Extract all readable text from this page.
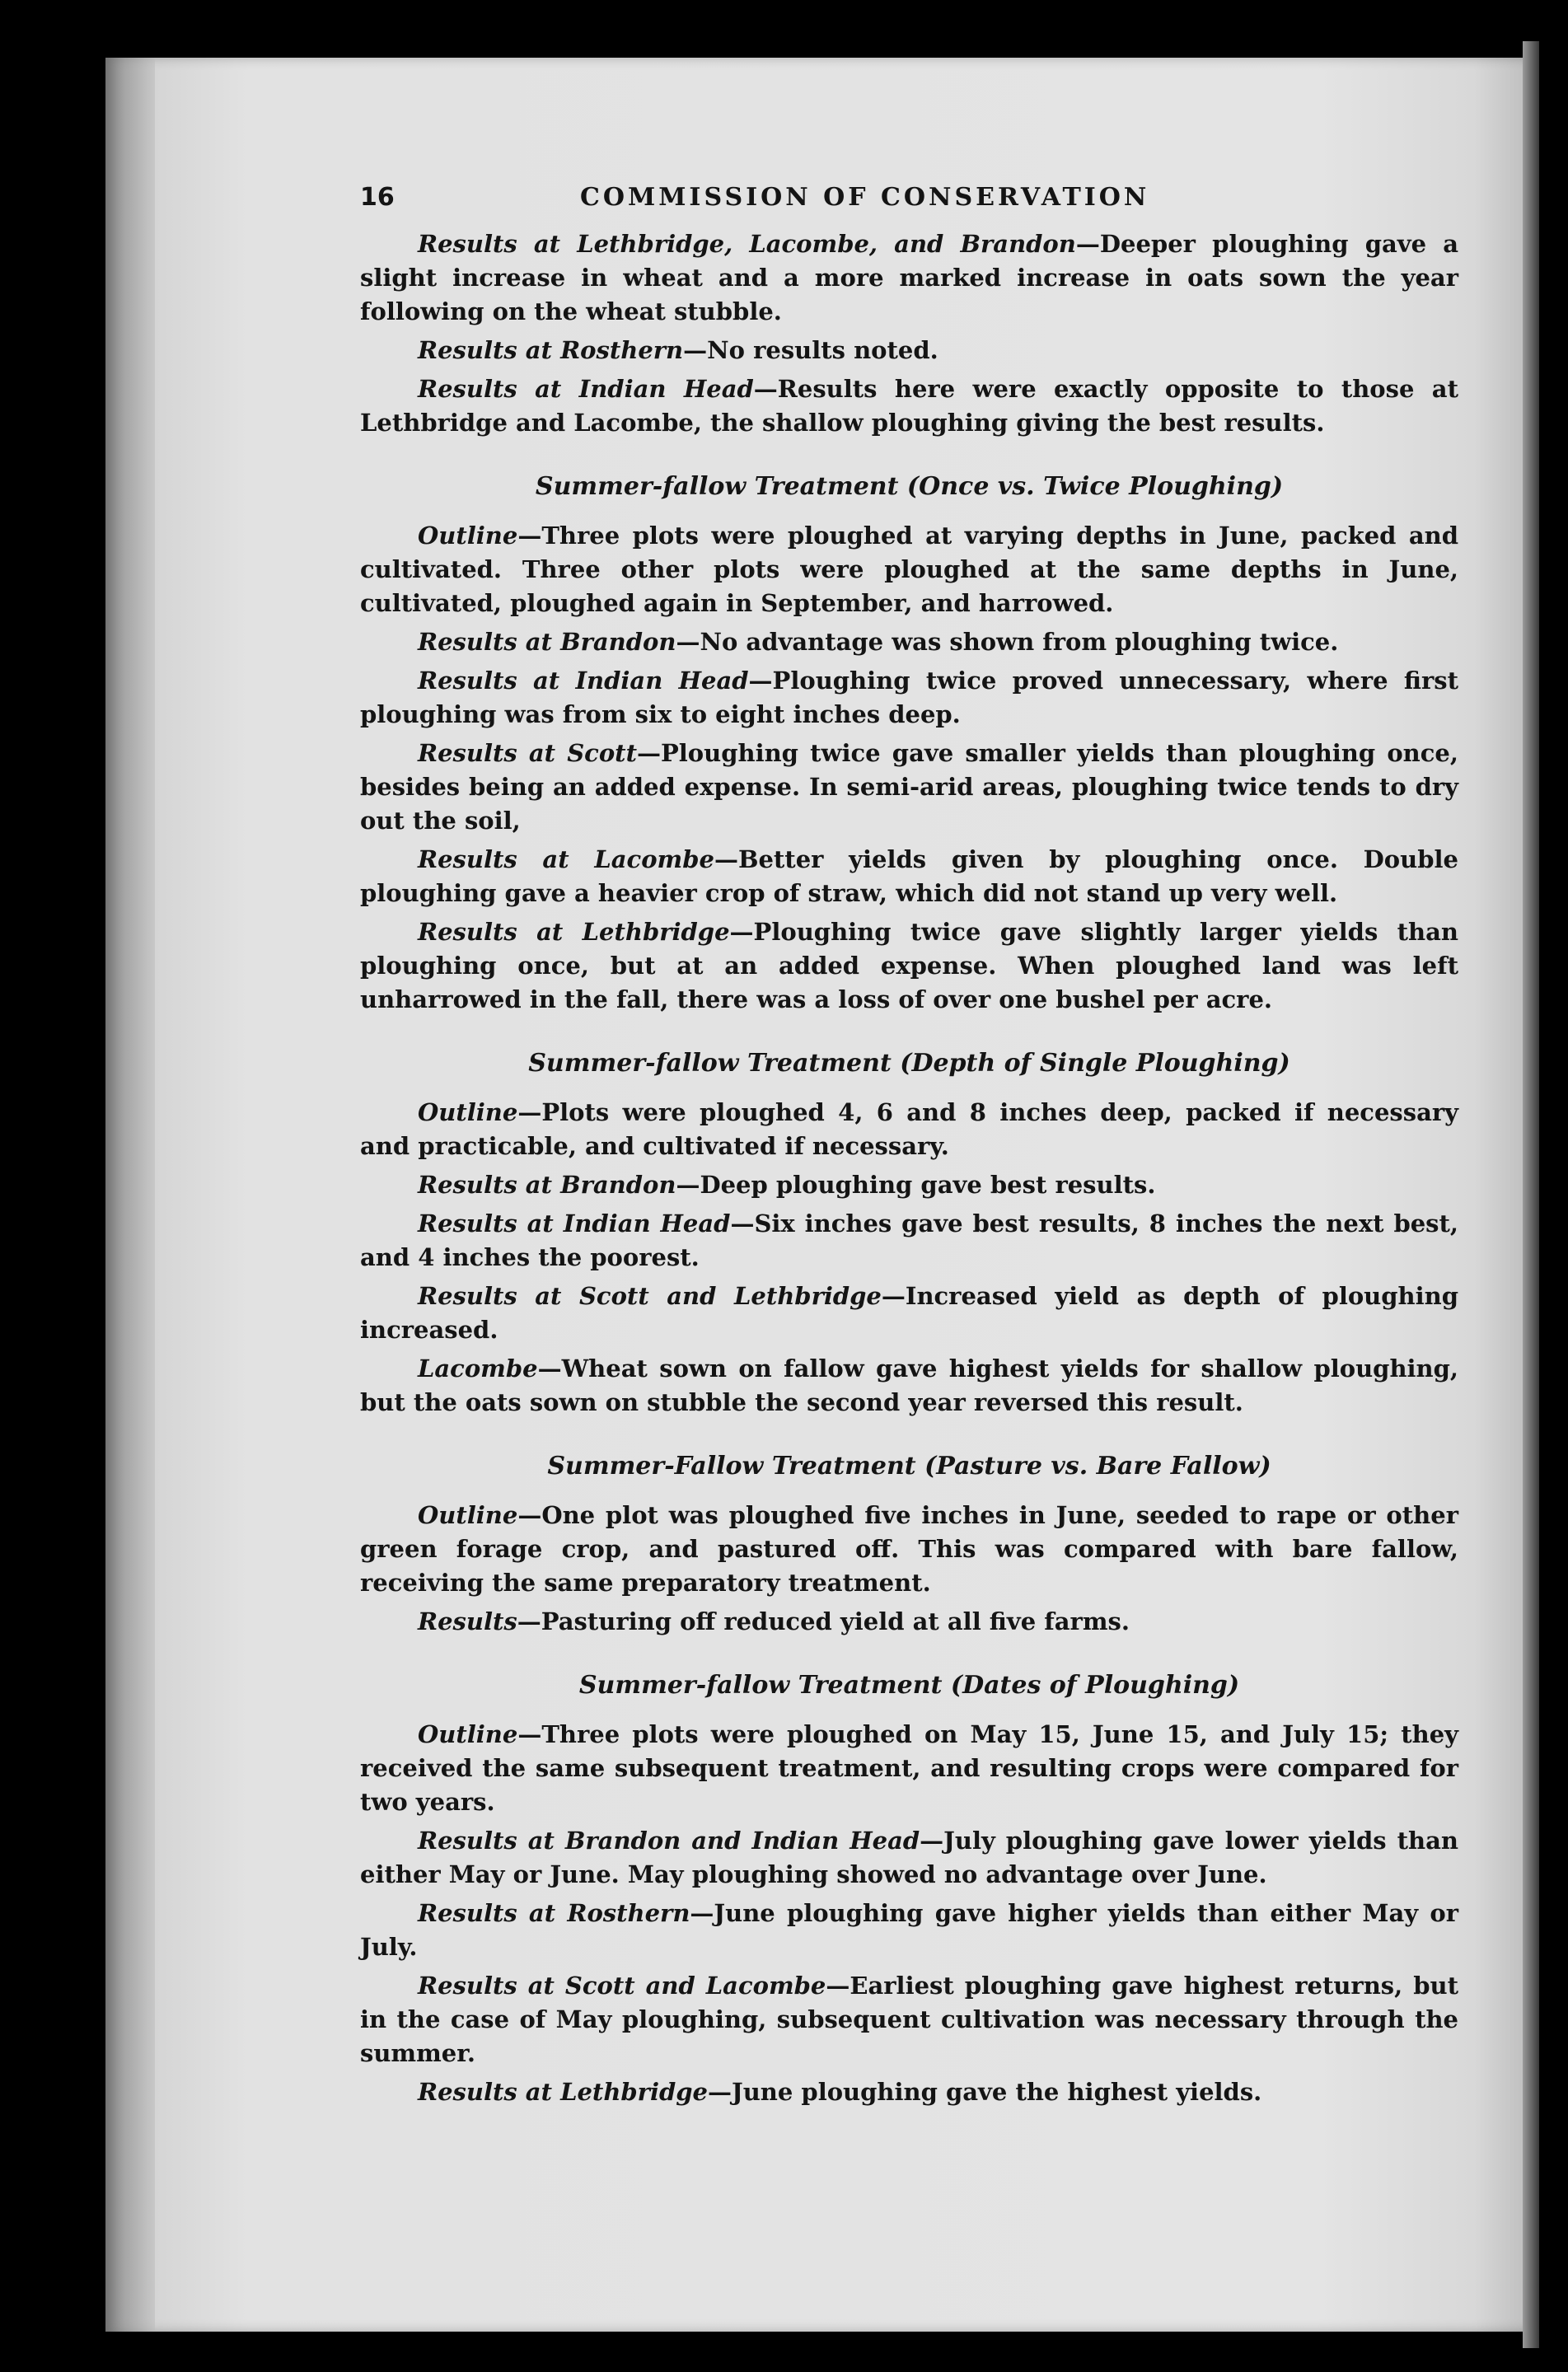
16	COMMISSION OF CONSERVATION

Results at Lethbridge, Lacombe, and Brandon—Deeper ploughing gave a slight increase in wheat and a more marked increase in oats sown the year following on the wheat stubble.

Results at Rosthern—No results noted.

Results at Indian Head—Results here were exactly opposite to those at Lethbridge and Lacombe, the shallow ploughing giving the best results.

Summer-fallow Treatment (Once vs. Twice Ploughing)

Outline—Three plots were ploughed at varying depths in June, packed and cultivated. Three other plots were ploughed at the same depths in June, cultivated, ploughed again in September, and harrowed.

Results at Brandon—No advantage was shown from ploughing twice.

Results at Indian Head—Ploughing twice proved unnecessary, where first ploughing was from six to eight inches deep.

Results at Scott—Ploughing twice gave smaller yields than ploughing once, besides being an added expense. In semi-arid areas, ploughing twice tends to dry out the soil,

Results at Lacombe—Better yields given by ploughing once. Double ploughing gave a heavier crop of straw, which did not stand up very well.

Results at Lethbridge—Ploughing twice gave slightly larger yields than ploughing once, but at an added expense. When ploughed land was left unharrowed in the fall, there was a loss of over one bushel per acre.

Summer-fallow Treatment (Depth of Single Ploughing)

Outline—Plots were ploughed 4, 6 and 8 inches deep, packed if necessary and practicable, and cultivated if necessary.

Results at Brandon—Deep ploughing gave best results.

Results at Indian Head—Six inches gave best results, 8 inches the next best, and 4 inches the poorest.

Results at Scott and Lethbridge—Increased yield as depth of ploughing increased.

Lacombe—Wheat sown on fallow gave highest yields for shallow ploughing, but the oats sown on stubble the second year reversed this result.

Summer-Fallow Treatment (Pasture vs. Bare Fallow)

Outline—One plot was ploughed five inches in June, seeded to rape or other green forage crop, and pastured off. This was compared with bare fallow, receiving the same preparatory treatment.

Results—Pasturing off reduced yield at all five farms.

Summer-fallow Treatment (Dates of Ploughing)

Outline—Three plots were ploughed on May 15, June 15, and July 15; they received the same subsequent treatment, and resulting crops were compared for two years.

Results at Brandon and Indian Head—July ploughing gave lower yields than either May or June. May ploughing showed no advantage over June.

Results at Rosthern—June ploughing gave higher yields than either May or July.

Results at Scott and Lacombe—Earliest ploughing gave highest returns, but in the case of May ploughing, subsequent cultivation was necessary through the summer.

Results at Lethbridge—June ploughing gave the highest yields.
